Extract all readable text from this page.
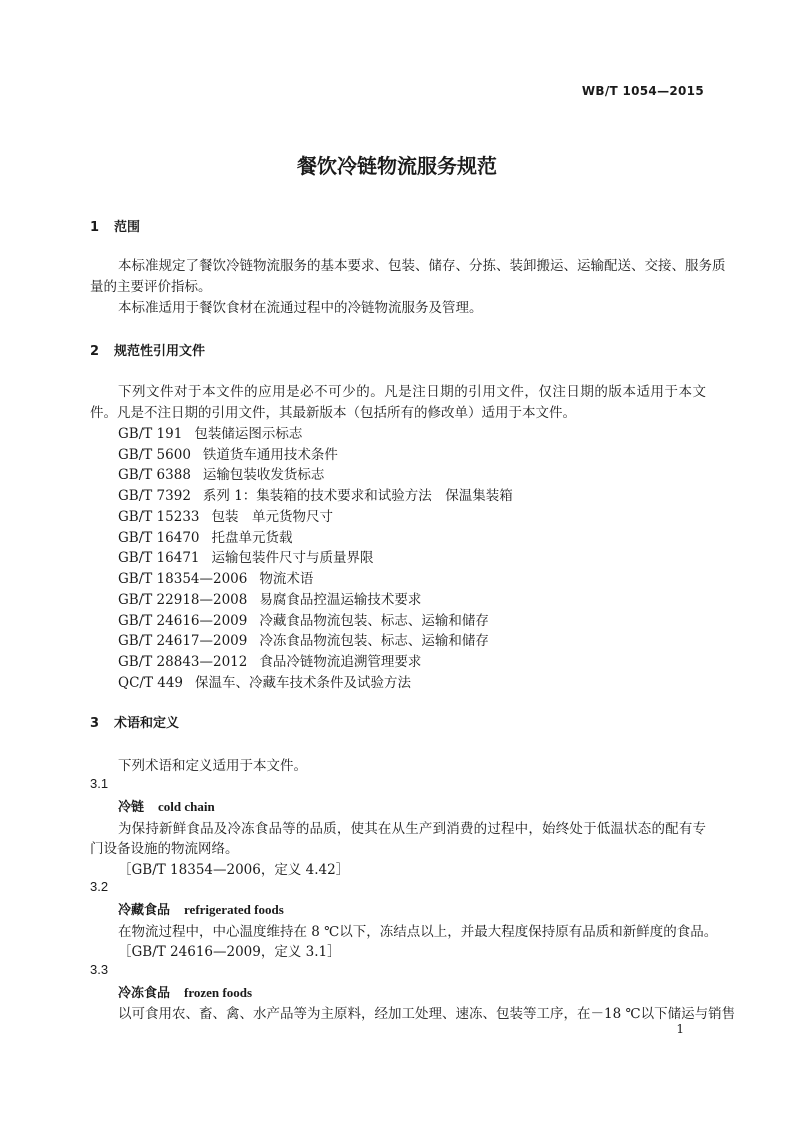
WB/T 1054—2015
餐饮冷链物流服务规范
1 范围
本标准规定了餐饮冷链物流服务的基本要求、包装、储存、分拣、装卸搬运、运输配送、交接、服务质
量的主要评价指标。
本标准适用于餐饮食材在流通过程中的冷链物流服务及管理。
2 规范性引用文件
下列文件对于本文件的应用是必不可少的。凡是注日期的引用文件，仅注日期的版本适用于本文
件。凡是不注日期的引用文件，其最新版本（包括所有的修改单）适用于本文件。
GB/T 191 包装储运图示标志
GB/T 5600 铁道货车通用技术条件
GB/T 6388 运输包装收发货标志
GB/T 7392 系列 1：集装箱的技术要求和试验方法　保温集装箱
GB/T 15233 包装　单元货物尺寸
GB/T 16470 托盘单元货载
GB/T 16471 运输包装件尺寸与质量界限
GB/T 18354—2006 物流术语
GB/T 22918—2008 易腐食品控温运输技术要求
GB/T 24616—2009 冷藏食品物流包装、标志、运输和储存
GB/T 24617—2009 冷冻食品物流包装、标志、运输和储存
GB/T 28843—2012 食品冷链物流追溯管理要求
QC/T 449 保温车、冷藏车技术条件及试验方法
3 术语和定义
下列术语和定义适用于本文件。
3.1
冷链 cold chain
为保持新鲜食品及冷冻食品等的品质，使其在从生产到消费的过程中，始终处于低温状态的配有专
门设备设施的物流网络。
［GB/T 18354—2006，定义 4.42］
3.2
冷藏食品 refrigerated foods
在物流过程中，中心温度维持在 8 ℃以下，冻结点以上，并最大程度保持原有品质和新鲜度的食品。
［GB/T 24616—2009，定义 3.1］
3.3
冷冻食品 frozen foods
以可食用农、畜、禽、水产品等为主原料，经加工处理、速冻、包装等工序，在－18 ℃以下储运与销售
1
